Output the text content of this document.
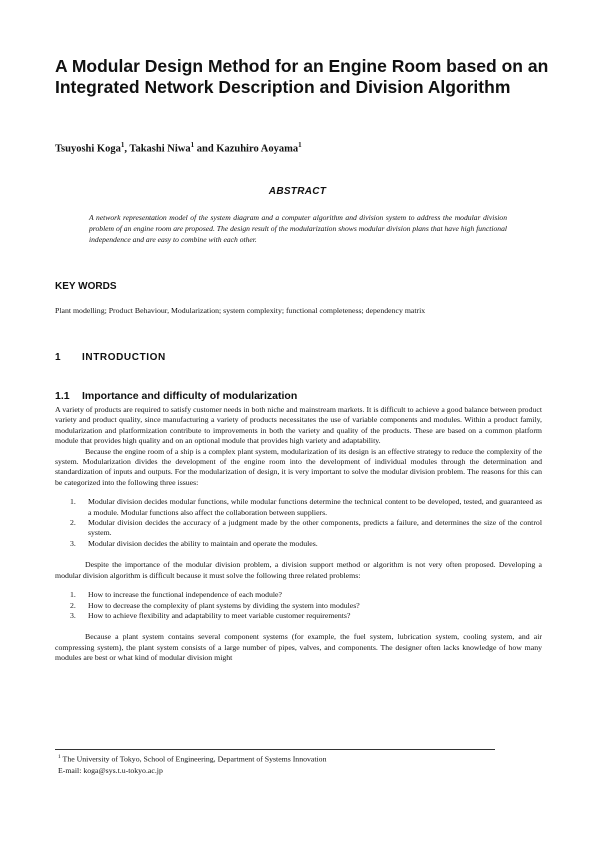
A Modular Design Method for an Engine Room based on an Integrated Network Description and Division Algorithm
Tsuyoshi Koga$^1$, Takashi Niwa$^1$ and Kazuhiro Aoyama$^1$
ABSTRACT

A network representation model of the system diagram and a computer algorithm and division system to address the modular division problem of an engine room are proposed. The design result of the modularization shows modular division plans that have high functional independence and are easy to combine with each other.

KEY WORDS
Plant modelling; Product Behaviour, Modularization; system complexity; functional completeness; dependency matrix
1 INTRODUCTION
1.1 Importance and difficulty of modularization

A variety of products are required to satisfy customer needs in both niche and mainstream markets. It is difficult to achieve a good balance between product variety and product quality, since manufacturing a variety of products necessitates the use of variable components and modules. Within a product family, modularization and platformization contribute to improvements in both the variety and quality of the products. These are based on a common platform module that provides high quality and on an optional module that provides high variety and adaptability.

Because the engine room of a ship is a complex plant system, modularization of its design is an effective strategy to reduce the complexity of the system. Modularization divides the development of the engine room into the development of individual modules through the determination and standardization of inputs and outputs. For the modularization of design, it is very important to solve the modular division problem. The reasons for this can be categorized into the following three issues:

1. Modular division decides modular functions, while modular functions determine the technical content to be developed, tested, and guaranteed as a module. Modular functions also affect the collaboration between suppliers.
2. Modular division decides the accuracy of a judgment made by the other components, predicts a failure, and determines the size of the control system.
3. Modular division decides the ability to maintain and operate the modules.

Despite the importance of the modular division problem, a division support method or algorithm is not very often proposed. Developing a modular division algorithm is difficult because it must solve the following three related problems:

1. How to increase the functional independence of each module?
2. How to decrease the complexity of plant systems by dividing the system into modules?
3. How to achieve flexibility and adaptability to meet variable customer requirements?

Because a plant system contains several component systems (for example, the fuel system, lubrication system, cooling system, and air compressing system), the plant system consists of a large number of pipes, valves, and components. The designer often lacks knowledge of how many modules are best or what kind of modular division might

$^1$ The University of Tokyo, School of Engineering, Department of Systems Innovation
E-mail: koga@sys.t.u-tokyo.ac.jp
